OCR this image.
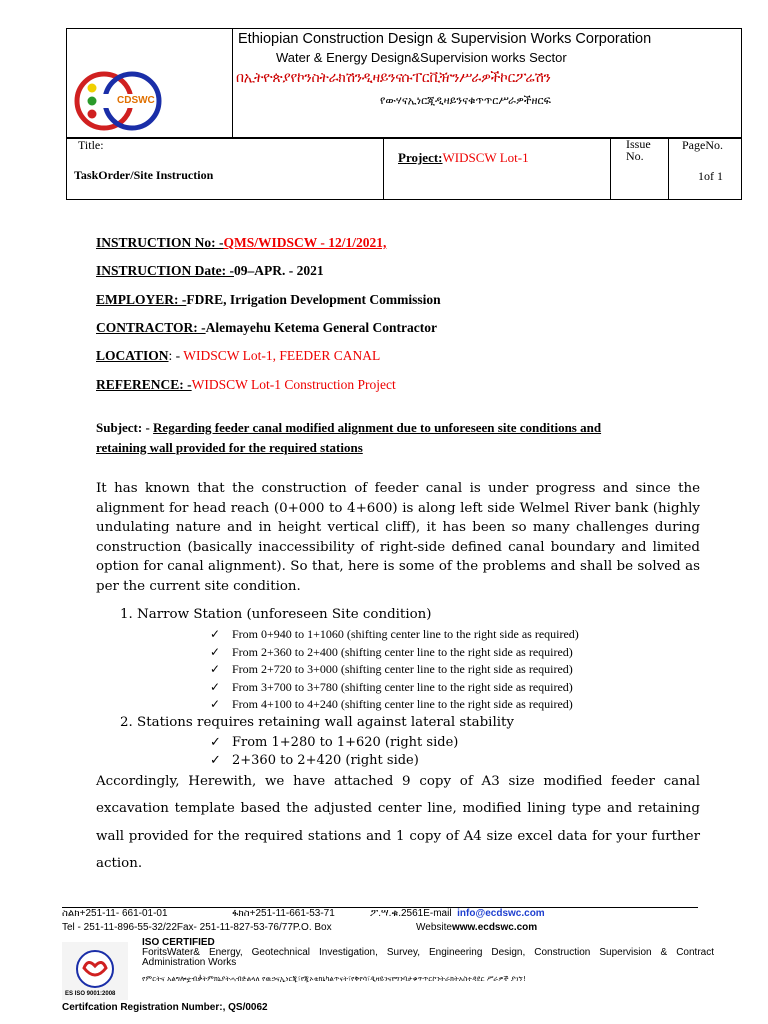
CDSWC
Ethiopian Construction Design & Supervision Works Corporation
Water & Energy Design&Supervision works Sector
በኢትዮጵያየኮንስትራክሽንዲዛይንናሱፐርቪዥንሥራዎችኮርፖሬሽን
የውሃናኢነርጂዲዛይንናቁጥጥርሥራዎችዘርፍ
Title:
TaskOrder/Site Instruction
Project:WIDSCW Lot-1
Issue
No.
PageNo.
1of 1
INSTRUCTION No: -QMS/WIDSCW - 12/1/2021,
INSTRUCTION Date: -09–APR. - 2021
EMPLOYER: -FDRE, Irrigation Development Commission
CONTRACTOR: -Alemayehu Ketema General Contractor
LOCATION: - WIDSCW Lot-1, FEEDER CANAL
REFERENCE: -WIDSCW Lot-1 Construction Project
Subject: - Regarding feeder canal modified alignment due to unforeseen site conditions and
retaining wall provided for the required stations
It has known that the construction of feeder canal is under progress and since the alignment for head reach (0+000 to 4+600) is along left side Welmel River bank (highly undulating nature and in height vertical cliff), it has been so many challenges during construction (basically inaccessibility of right-side defined canal boundary and limited option for canal alignment). So that, here is some of the problems and shall be solved as per the current site condition.
1. Narrow Station (unforeseen Site condition)
✓ From 0+940 to 1+1060 (shifting center line to the right side as required)
✓ From 2+360 to 2+400 (shifting center line to the right side as required)
✓ From 2+720 to 3+000 (shifting center line to the right side as required)
✓ From 3+700 to 3+780 (shifting center line to the right side as required)
✓ From 4+100 to 4+240 (shifting center line to the right side as required)
2. Stations requires retaining wall against lateral stability
✓ From 1+280 to 1+620 (right side)
✓ 2+360 to 2+420 (right side)
Accordingly, Herewith, we have attached 9 copy of A3 size modified feeder canal excavation template based the adjusted center line, modified lining type and retaining wall provided for the required stations and 1 copy of A4 size excel data for your further action.
ስልክ+251-11- 661-01-01	ፋክስ+251-11-661-53-71	ፖ.ሣ.ቁ.2561E-mail info@ecdswc.com
Tel - 251-11-896-55-32/22Fax- 251-11-827-53-76/77P.O. Box	Websitewww.ecdswc.com
ES ISO 9001:2008
ISO CERTIFIED
ForitsWater& Energy, Geotechnical Investigation, Survey, Engineering Design, Construction Supervision & Contract Administration Works
የምርትና አልግሎቷብቃትምክኒያትሓብድልላለ የዉኃናኢነርጂ፣የጂኦቴክኒካልጥናት፣የቅየሳ፣ዲዛይንናየግንባታቁጥጥርኮንትራክትአስተዳደር ሥራዎች ያገኘ!
Certifcation Registration Number:, QS/0062
